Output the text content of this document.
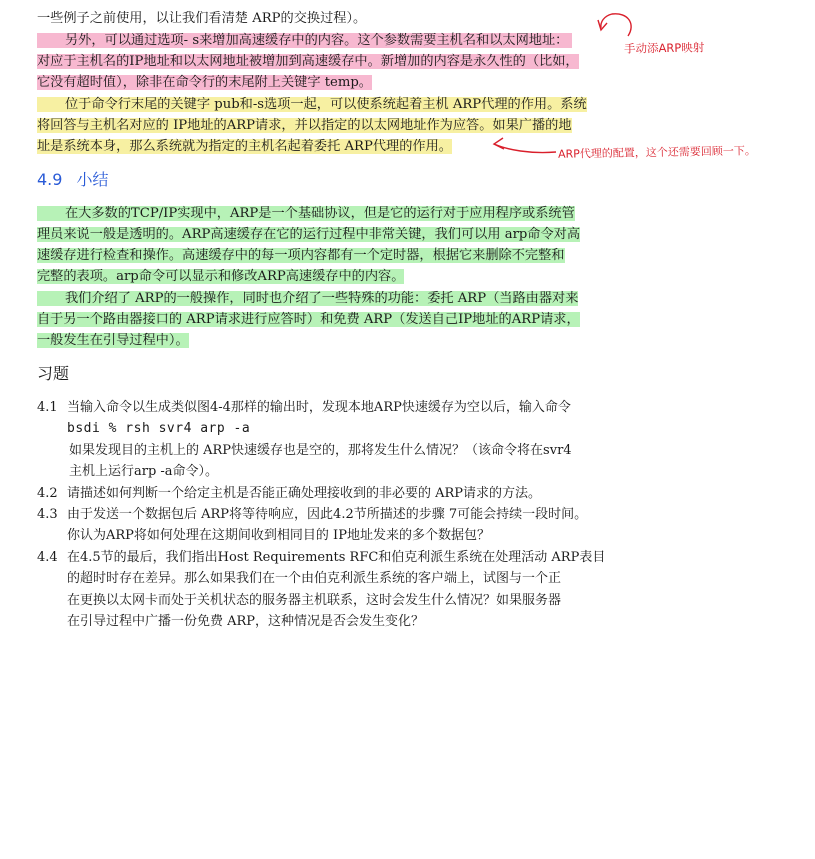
一些例子之前使用，以让我们看清楚 ARP的交换过程）。
另外，可以通过选项- s来增加高速缓存中的内容。这个参数需要主机名和以太网地址：
对应于主机名的IP地址和以太网地址被增加到高速缓存中。新增加的内容是永久性的（比如，
它没有超时值），除非在命令行的末尾附上关键字 temp。
位于命令行末尾的关键字 pub和-s选项一起，可以使系统起着主机 ARP代理的作用。系统
将回答与主机名对应的 IP地址的ARP请求，并以指定的以太网地址作为应答。如果广播的地
址是系统本身，那么系统就为指定的主机名起着委托 ARP代理的作用。
4.9 小结
在大多数的TCP/IP实现中，ARP是一个基础协议，但是它的运行对于应用程序或系统管
理员来说一般是透明的。ARP高速缓存在它的运行过程中非常关键，我们可以用 arp命令对高
速缓存进行检查和操作。高速缓存中的每一项内容都有一个定时器，根据它来删除不完整和
完整的表项。arp命令可以显示和修改ARP高速缓存中的内容。
我们介绍了 ARP的一般操作，同时也介绍了一些特殊的功能：委托 ARP（当路由器对来
自于另一个路由器接口的 ARP请求进行应答时）和免费 ARP（发送自己IP地址的ARP请求，
一般发生在引导过程中）。
习题
4.1 当输入命令以生成类似图4-4那样的输出时，发现本地ARP快速缓存为空以后，输入命令
bsdi % rsh svr4 arp -a
如果发现目的主机上的 ARP快速缓存也是空的，那将发生什么情况？（该命令将在svr4
主机上运行arp -a命令）。
4.2 请描述如何判断一个给定主机是否能正确处理接收到的非必要的 ARP请求的方法。
4.3 由于发送一个数据包后 ARP将等待响应，因此4.2节所描述的步骤 7可能会持续一段时间。
你认为ARP将如何处理在这期间收到相同目的 IP地址发来的多个数据包？
4.4 在4.5节的最后，我们指出Host Requirements RFC和伯克利派生系统在处理活动 ARP表目
的超时时存在差异。那么如果我们在一个由伯克利派生系统的客户端上，试图与一个正
在更换以太网卡而处于关机状态的服务器主机联系，这时会发生什么情况？如果服务器
在引导过程中广播一份免费 ARP，这种情况是否会发生变化？
手动添ARP映射
ARP代理的配置，这个还需要回顾一下。
